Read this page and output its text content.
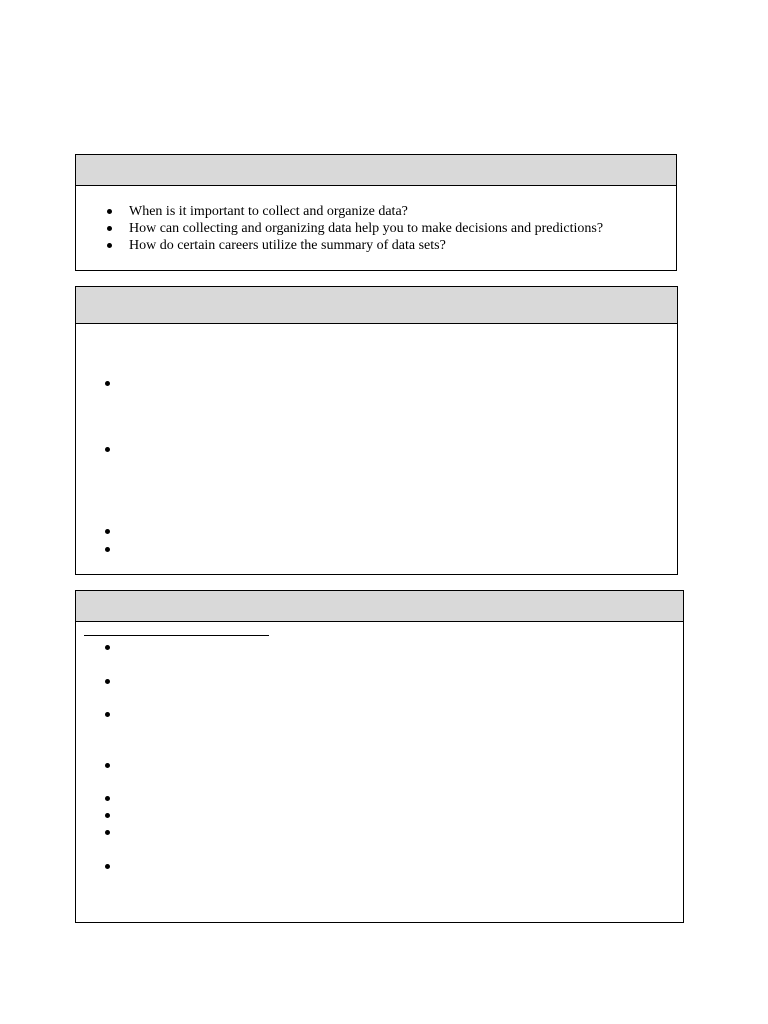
When is it important to collect and organize data?
How can collecting and organizing data help you to make decisions and predictions?
How do certain careers utilize the summary of data sets?
